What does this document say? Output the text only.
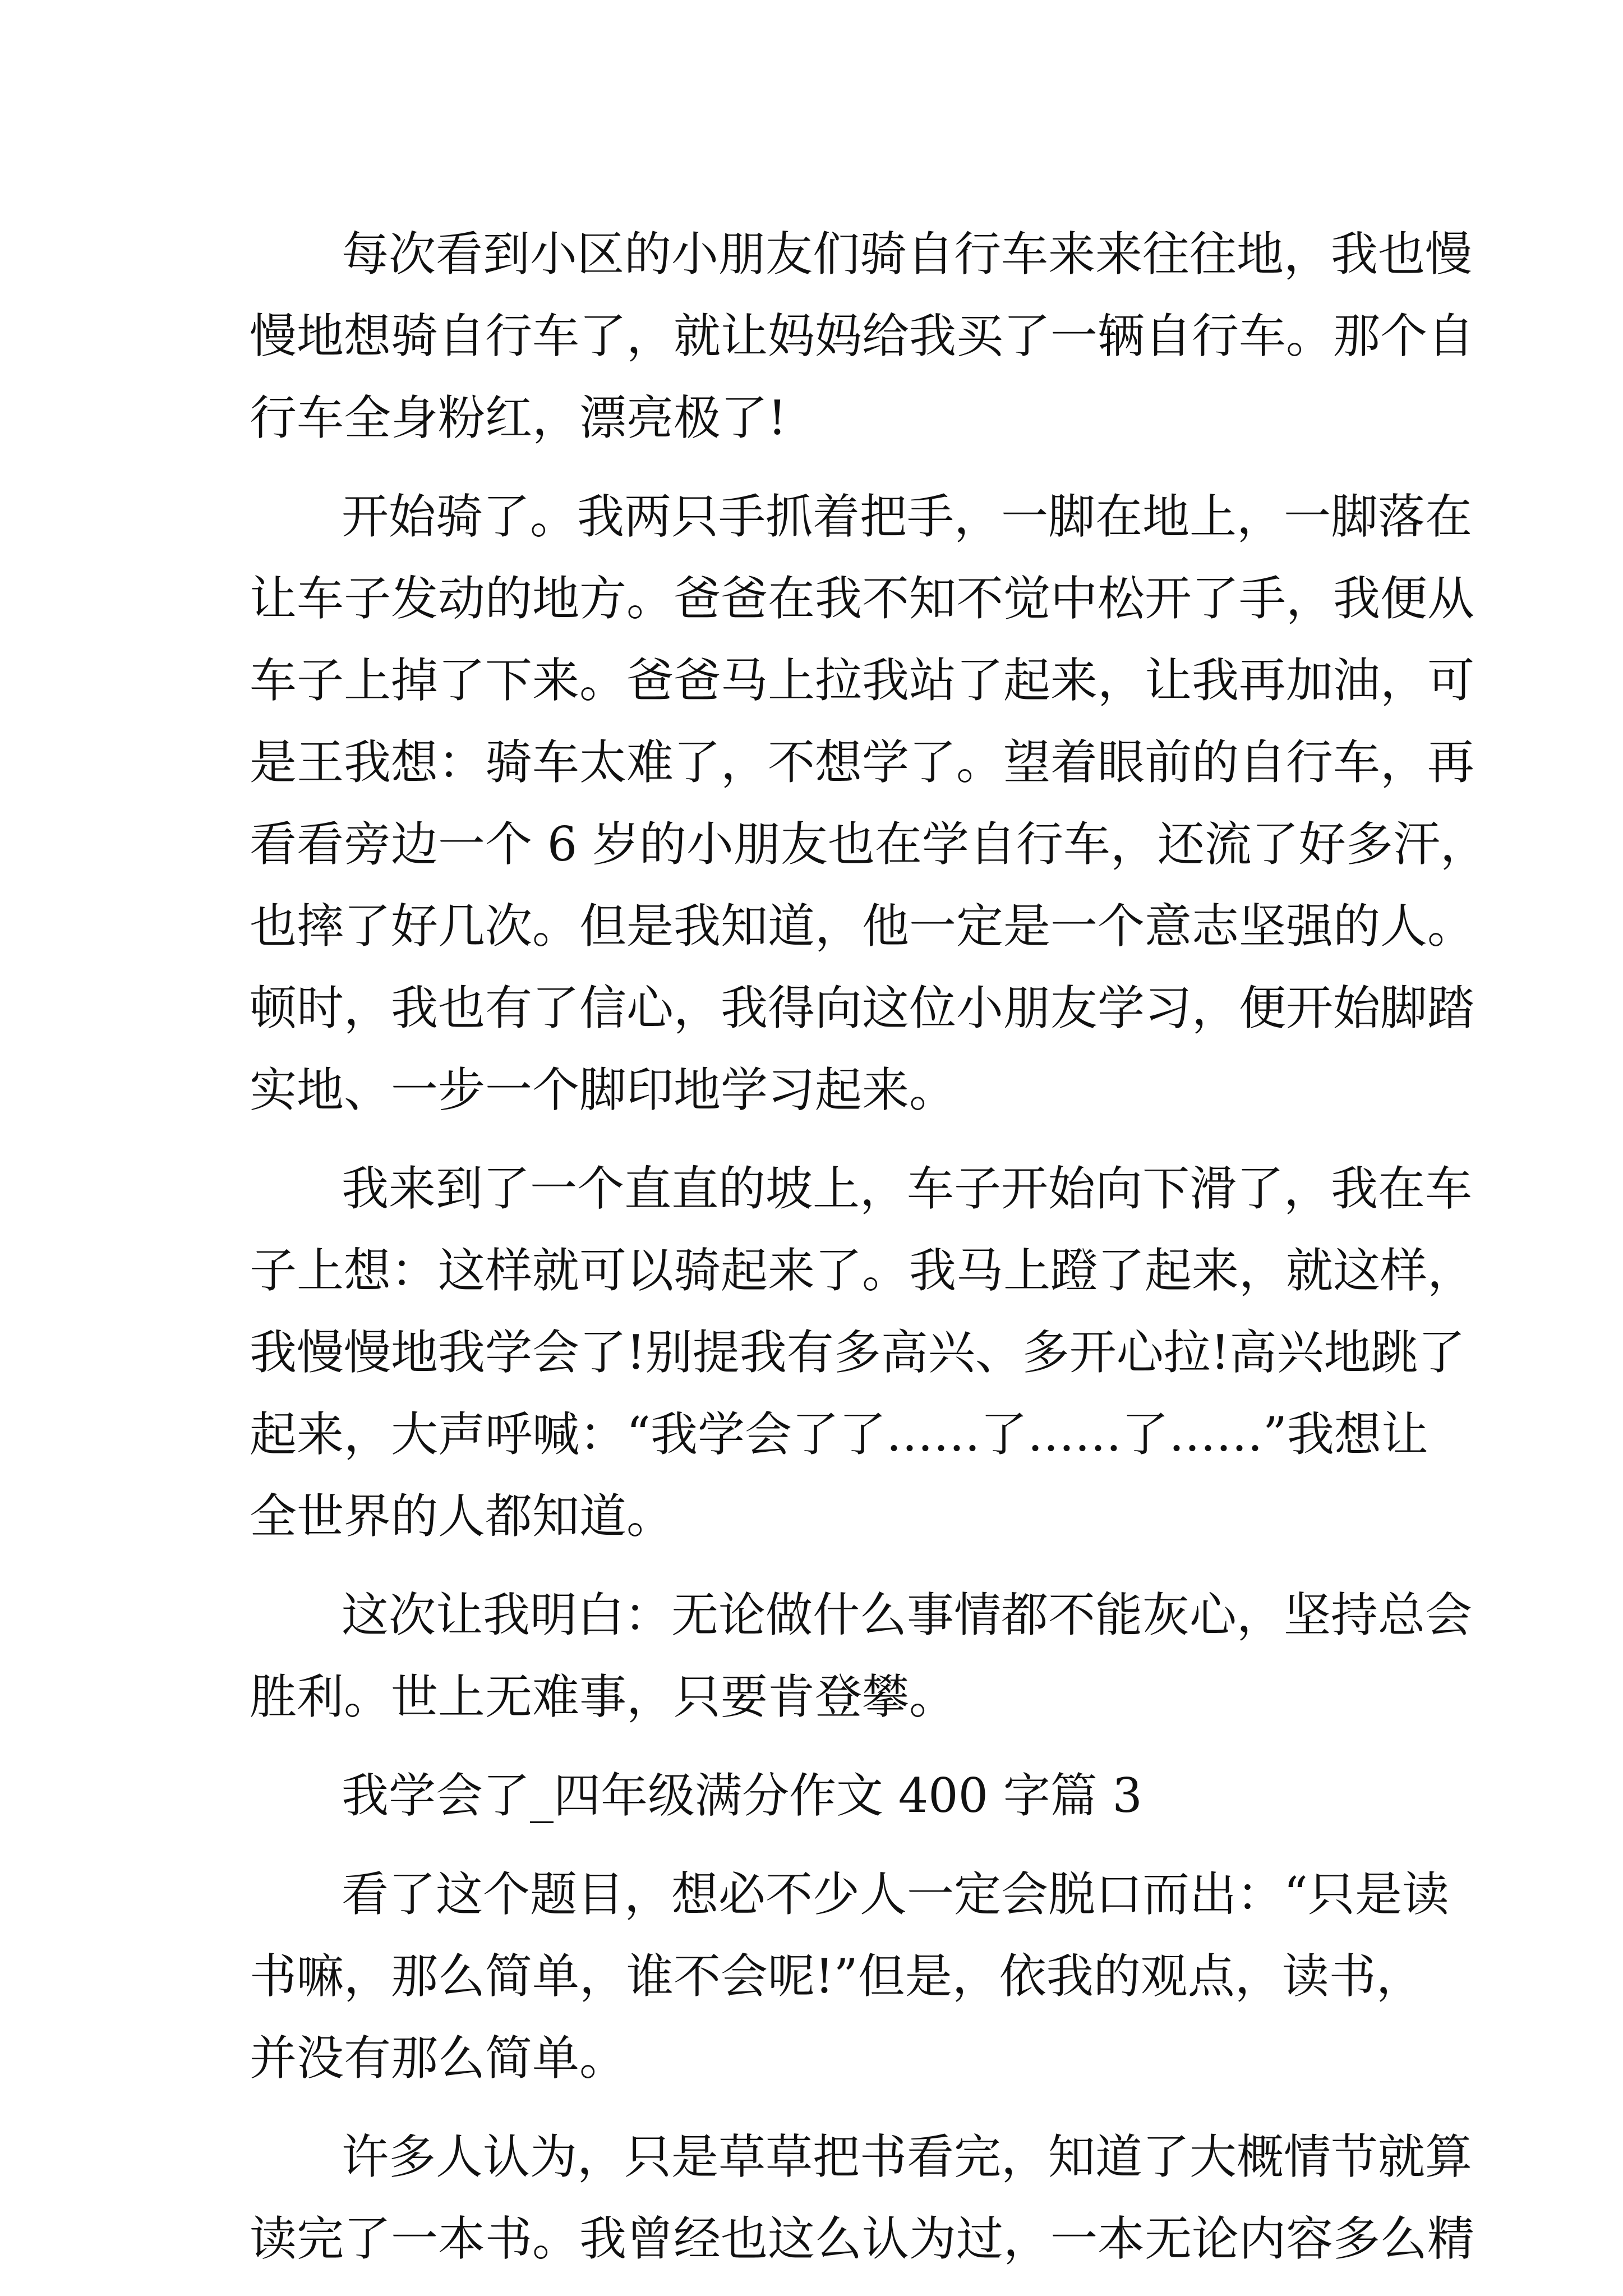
每次看到小区的小朋友们骑自行车来来往往地，我也慢
慢地想骑自行车了，就让妈妈给我买了一辆自行车。那个自
行车全身粉红，漂亮极了!
开始骑了。我两只手抓着把手，一脚在地上，一脚落在
让车子发动的地方。爸爸在我不知不觉中松开了手，我便从
车子上掉了下来。爸爸马上拉我站了起来，让我再加油，可
是王我想：骑车太难了，不想学了。望着眼前的自行车，再
看看旁边一个 6 岁的小朋友也在学自行车，还流了好多汗，
也摔了好几次。但是我知道，他一定是一个意志坚强的人。
顿时，我也有了信心，我得向这位小朋友学习，便开始脚踏
实地、一步一个脚印地学习起来。
我来到了一个直直的坡上，车子开始向下滑了，我在车
子上想：这样就可以骑起来了。我马上蹬了起来，就这样，
我慢慢地我学会了!别提我有多高兴、多开心拉!高兴地跳了
起来，大声呼喊：“我学会了了……了……了……”我想让
全世界的人都知道。
这次让我明白：无论做什么事情都不能灰心，坚持总会
胜利。世上无难事，只要肯登攀。
我学会了_四年级满分作文 400 字篇 3
看了这个题目，想必不少人一定会脱口而出：“只是读
书嘛，那么简单，谁不会呢!”但是，依我的观点，读书，
并没有那么简单。
许多人认为，只是草草把书看完，知道了大概情节就算
读完了一本书。我曾经也这么认为过，一本无论内容多么精
